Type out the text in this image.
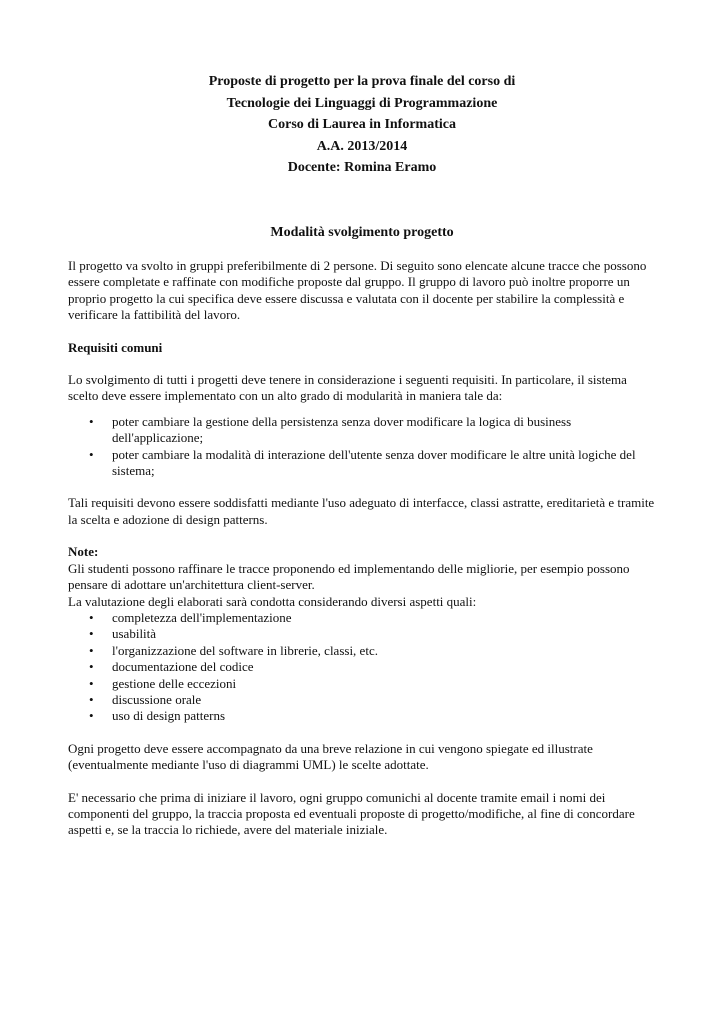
Proposte di progetto per la prova finale del corso di
Tecnologie dei Linguaggi di Programmazione
Corso di Laurea in Informatica
A.A. 2013/2014
Docente: Romina Eramo
Modalità svolgimento progetto

Il progetto va svolto in gruppi preferibilmente di 2 persone. Di seguito sono elencate alcune tracce che possono essere completate e raffinate con modifiche proposte dal gruppo. Il gruppo di lavoro può inoltre proporre un proprio progetto la cui specifica deve essere discussa e valutata con il docente per stabilire la complessità e verificare la fattibilità del lavoro.

Requisiti comuni

Lo svolgimento di tutti i progetti deve tenere in considerazione i seguenti requisiti. In particolare, il sistema scelto deve essere implementato con un alto grado di modularità in maniera tale da:

• poter cambiare la gestione della persistenza senza dover modificare la logica di business dell'applicazione;
• poter cambiare la modalità di interazione dell'utente senza dover modificare le altre unità logiche del sistema;

Tali requisiti devono essere soddisfatti mediante l'uso adeguato di interfacce, classi astratte, ereditarietà e tramite la scelta e adozione di design patterns.

Note:

Gli studenti possono raffinare le tracce proponendo ed implementando delle migliorie, per esempio possono pensare di adottare un'architettura client-server.

La valutazione degli elaborati sarà condotta considerando diversi aspetti quali:

• completezza dell'implementazione
• usabilità
• l'organizzazione del software in librerie, classi, etc.
• documentazione del codice
• gestione delle eccezioni
• discussione orale
• uso di design patterns

Ogni progetto deve essere accompagnato da una breve relazione in cui vengono spiegate ed illustrate (eventualmente mediante l'uso di diagrammi UML) le scelte adottate.

E' necessario che prima di iniziare il lavoro, ogni gruppo comunichi al docente tramite email i nomi dei componenti del gruppo, la traccia proposta ed eventuali proposte di progetto/modifiche, al fine di concordare aspetti e, se la traccia lo richiede, avere del materiale iniziale.
